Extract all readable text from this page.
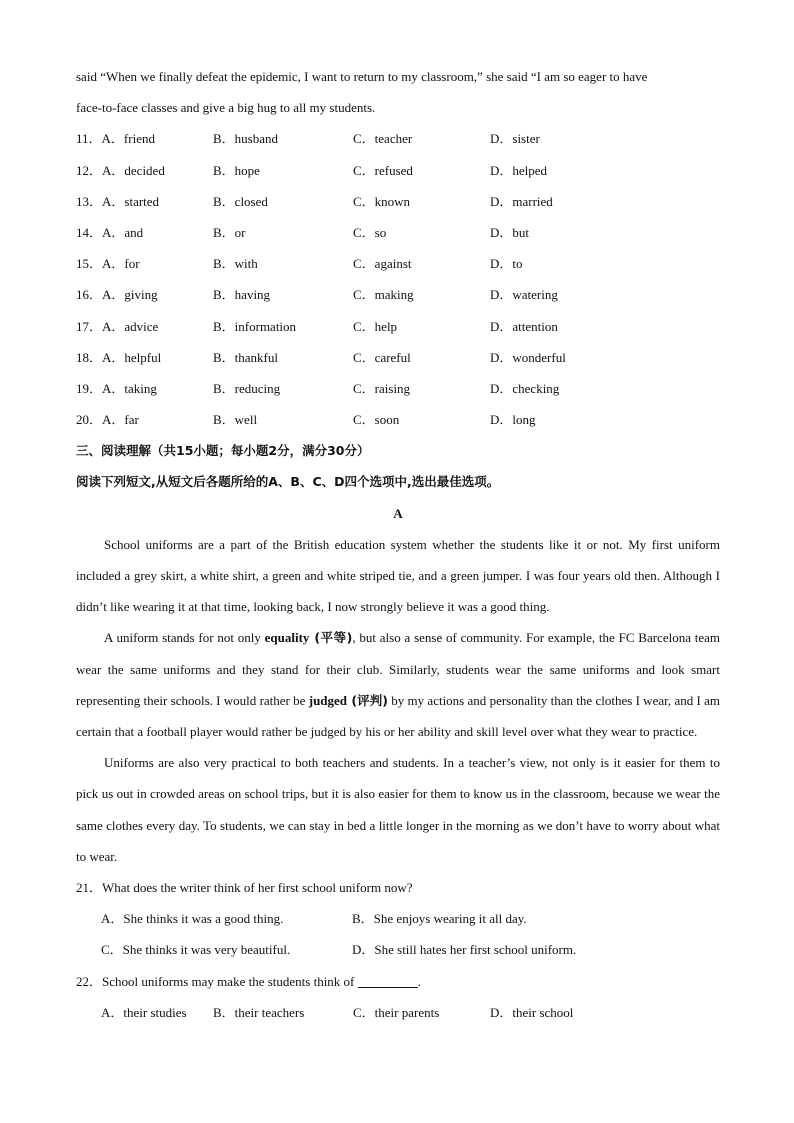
said “When we finally defeat the epidemic, I want to return to my classroom,” she said “I am so eager to have
face-to-face classes and give a big hug to all my students.
11．A．friend	B．husband	C．teacher	D．sister
12．A．decided	B．hope	C．refused	D．helped
13．A．started	B．closed	C．known	D．married
14．A．and	B．or	C．so	D．but
15．A．for	B．with	C．against	D．to
16．A．giving	B．having	C．making	D．watering
17．A．advice	B．information	C．help	D．attention
18．A．helpful	B．thankful	C．careful	D．wonderful
19．A．taking	B．reducing	C．raising	D．checking
20．A．far	B．well	C．soon	D．long
三、阅读理解（共15小题；每小题2分，满分30分）
阅读下列短文,从短文后各题所给的A、B、C、D四个选项中,选出最佳选项。
A
School uniforms are a part of the British education system whether the students like it or not. My first uniform included a grey skirt, a white shirt, a green and white striped tie, and a green jumper. I was four years old then. Although I didn’t like wearing it at that time, looking back, I now strongly believe it was a good thing.
A uniform stands for not only equality (平等), but also a sense of community. For example, the FC Barcelona team wear the same uniforms and they stand for their club. Similarly, students wear the same uniforms and look smart representing their schools. I would rather be judged (评判) by my actions and personality than the clothes I wear, and I am certain that a football player would rather be judged by his or her ability and skill level over what they wear to practice.
Uniforms are also very practical to both teachers and students. In a teacher’s view, not only is it easier for them to pick us out in crowded areas on school trips, but it is also easier for them to know us in the classroom, because we wear the same clothes every day. To students, we can stay in bed a little longer in the morning as we don’t have to worry about what to wear.
21．What does the writer think of her first school uniform now?
A．She thinks it was a good thing.	B．She enjoys wearing it all day.
C．She thinks it was very beautiful.	D．She still hates her first school uniform.
22．School uniforms may make the students think of	.
A．their studies B．their teachers	C．their parents	D．their school
